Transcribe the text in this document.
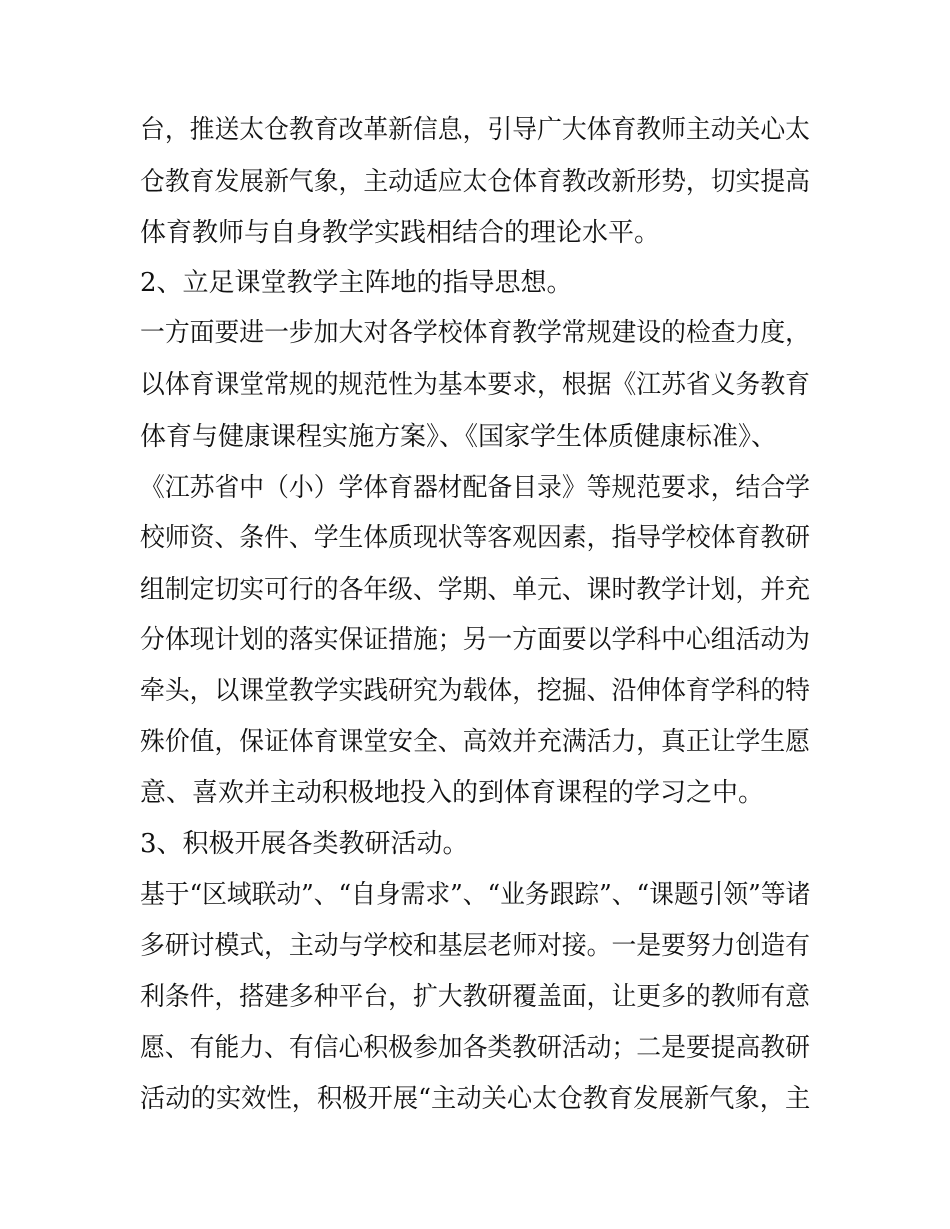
台，推送太仓教育改革新信息，引导广大体育教师主动关心太
仓教育发展新气象，主动适应太仓体育教改新形势，切实提高
体育教师与自身教学实践相结合的理论水平。
2、立足课堂教学主阵地的指导思想。
一方面要进一步加大对各学校体育教学常规建设的检查力度，
以体育课堂常规的规范性为基本要求，根据《江苏省义务教育
体育与健康课程实施方案》、《国家学生体质健康标准》、
《江苏省中（小）学体育器材配备目录》等规范要求，结合学
校师资、条件、学生体质现状等客观因素，指导学校体育教研
组制定切实可行的各年级、学期、单元、课时教学计划，并充
分体现计划的落实保证措施；另一方面要以学科中心组活动为
牵头，以课堂教学实践研究为载体，挖掘、沿伸体育学科的特
殊价值，保证体育课堂安全、高效并充满活力，真正让学生愿
意、喜欢并主动积极地投入的到体育课程的学习之中。
3、积极开展各类教研活动。
基于“区域联动”、“自身需求”、“业务跟踪”、“课题引领”等诸
多研讨模式，主动与学校和基层老师对接。一是要努力创造有
利条件，搭建多种平台，扩大教研覆盖面，让更多的教师有意
愿、有能力、有信心积极参加各类教研活动；二是要提高教研
活动的实效性，积极开展“主动关心太仓教育发展新气象，主
